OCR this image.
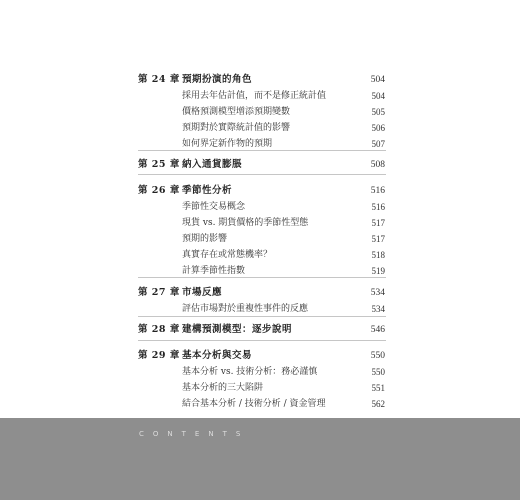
第 24 章 預期扮演的角色	504
採用去年估計值，而不是修正統計值	504
價格預測模型增添預期變數	505
預期對於實際統計值的影響	506
如何界定新作物的預期	507
第 25 章 納入通貨膨脹	508
第 26 章 季節性分析	516
季節性交易概念	516
現貨 vs. 期貨價格的季節性型態	517
預期的影響	517
真實存在或常態機率？	518
計算季節性指數	519
第 27 章 市場反應	534
評估市場對於重複性事件的反應	534
第 28 章 建構預測模型：逐步說明	546
第 29 章 基本分析與交易	550
基本分析 vs. 技術分析：務必謹慎	550
基本分析的三大陷阱	551
結合基本分析 / 技術分析 / 資金管理	562
CONTENTS
